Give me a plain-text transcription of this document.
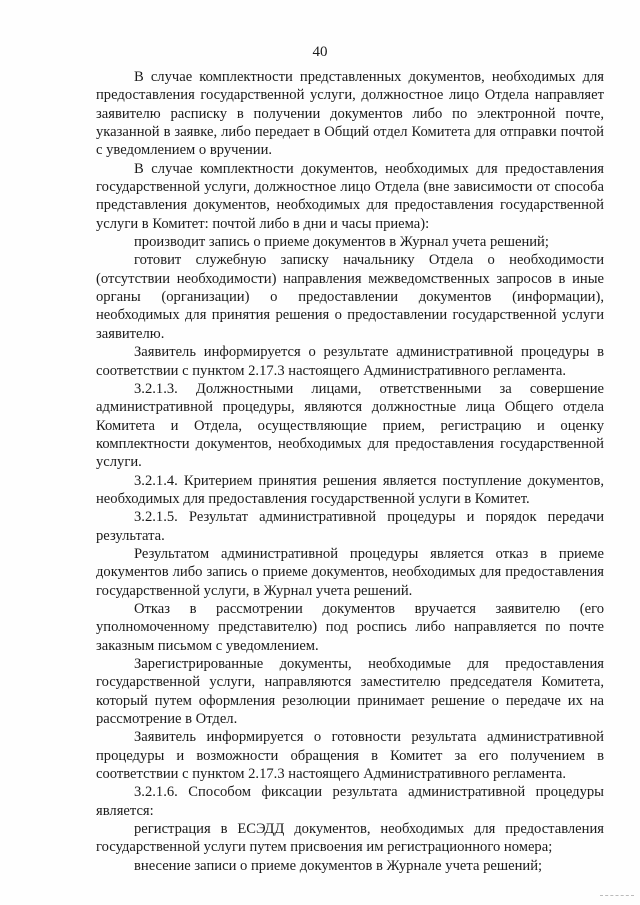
40

В случае комплектности представленных документов, необходимых для предоставления государственной услуги, должностное лицо Отдела направляет заявителю расписку в получении документов либо по электронной почте, указанной в заявке, либо передает в Общий отдел Комитета для отправки почтой с уведомлением о вручении.

В случае комплектности документов, необходимых для предоставления государственной услуги, должностное лицо Отдела (вне зависимости от способа представления документов, необходимых для предоставления государственной услуги в Комитет: почтой либо в дни и часы приема):

производит запись о приеме документов в Журнал учета решений;

готовит служебную записку начальнику Отдела о необходимости (отсутствии необходимости) направления межведомственных запросов в иные органы (организации) о предоставлении документов (информации), необходимых для принятия решения о предоставлении государственной услуги заявителю.

Заявитель информируется о результате административной процедуры в соответствии с пунктом 2.17.3 настоящего Административного регламента.

3.2.1.3. Должностными лицами, ответственными за совершение административной процедуры, являются должностные лица Общего отдела Комитета и Отдела, осуществляющие прием, регистрацию и оценку комплектности документов, необходимых для предоставления государственной услуги.

3.2.1.4. Критерием принятия решения является поступление документов, необходимых для предоставления государственной услуги в Комитет.

3.2.1.5. Результат административной процедуры и порядок передачи результата.

Результатом административной процедуры является отказ в приеме документов либо запись о приеме документов, необходимых для предоставления государственной услуги, в Журнал учета решений.

Отказ в рассмотрении документов вручается заявителю (его уполномоченному представителю) под роспись либо направляется по почте заказным письмом с уведомлением.

Зарегистрированные документы, необходимые для предоставления государственной услуги, направляются заместителю председателя Комитета, который путем оформления резолюции принимает решение о передаче их на рассмотрение в Отдел.

Заявитель информируется о готовности результата административной процедуры и возможности обращения в Комитет за его получением в соответствии с пунктом 2.17.3 настоящего Административного регламента.

3.2.1.6. Способом фиксации результата административной процедуры является:

регистрация в ЕСЭДД документов, необходимых для предоставления государственной услуги путем присвоения им регистрационного номера;

внесение записи о приеме документов в Журнале учета решений;
